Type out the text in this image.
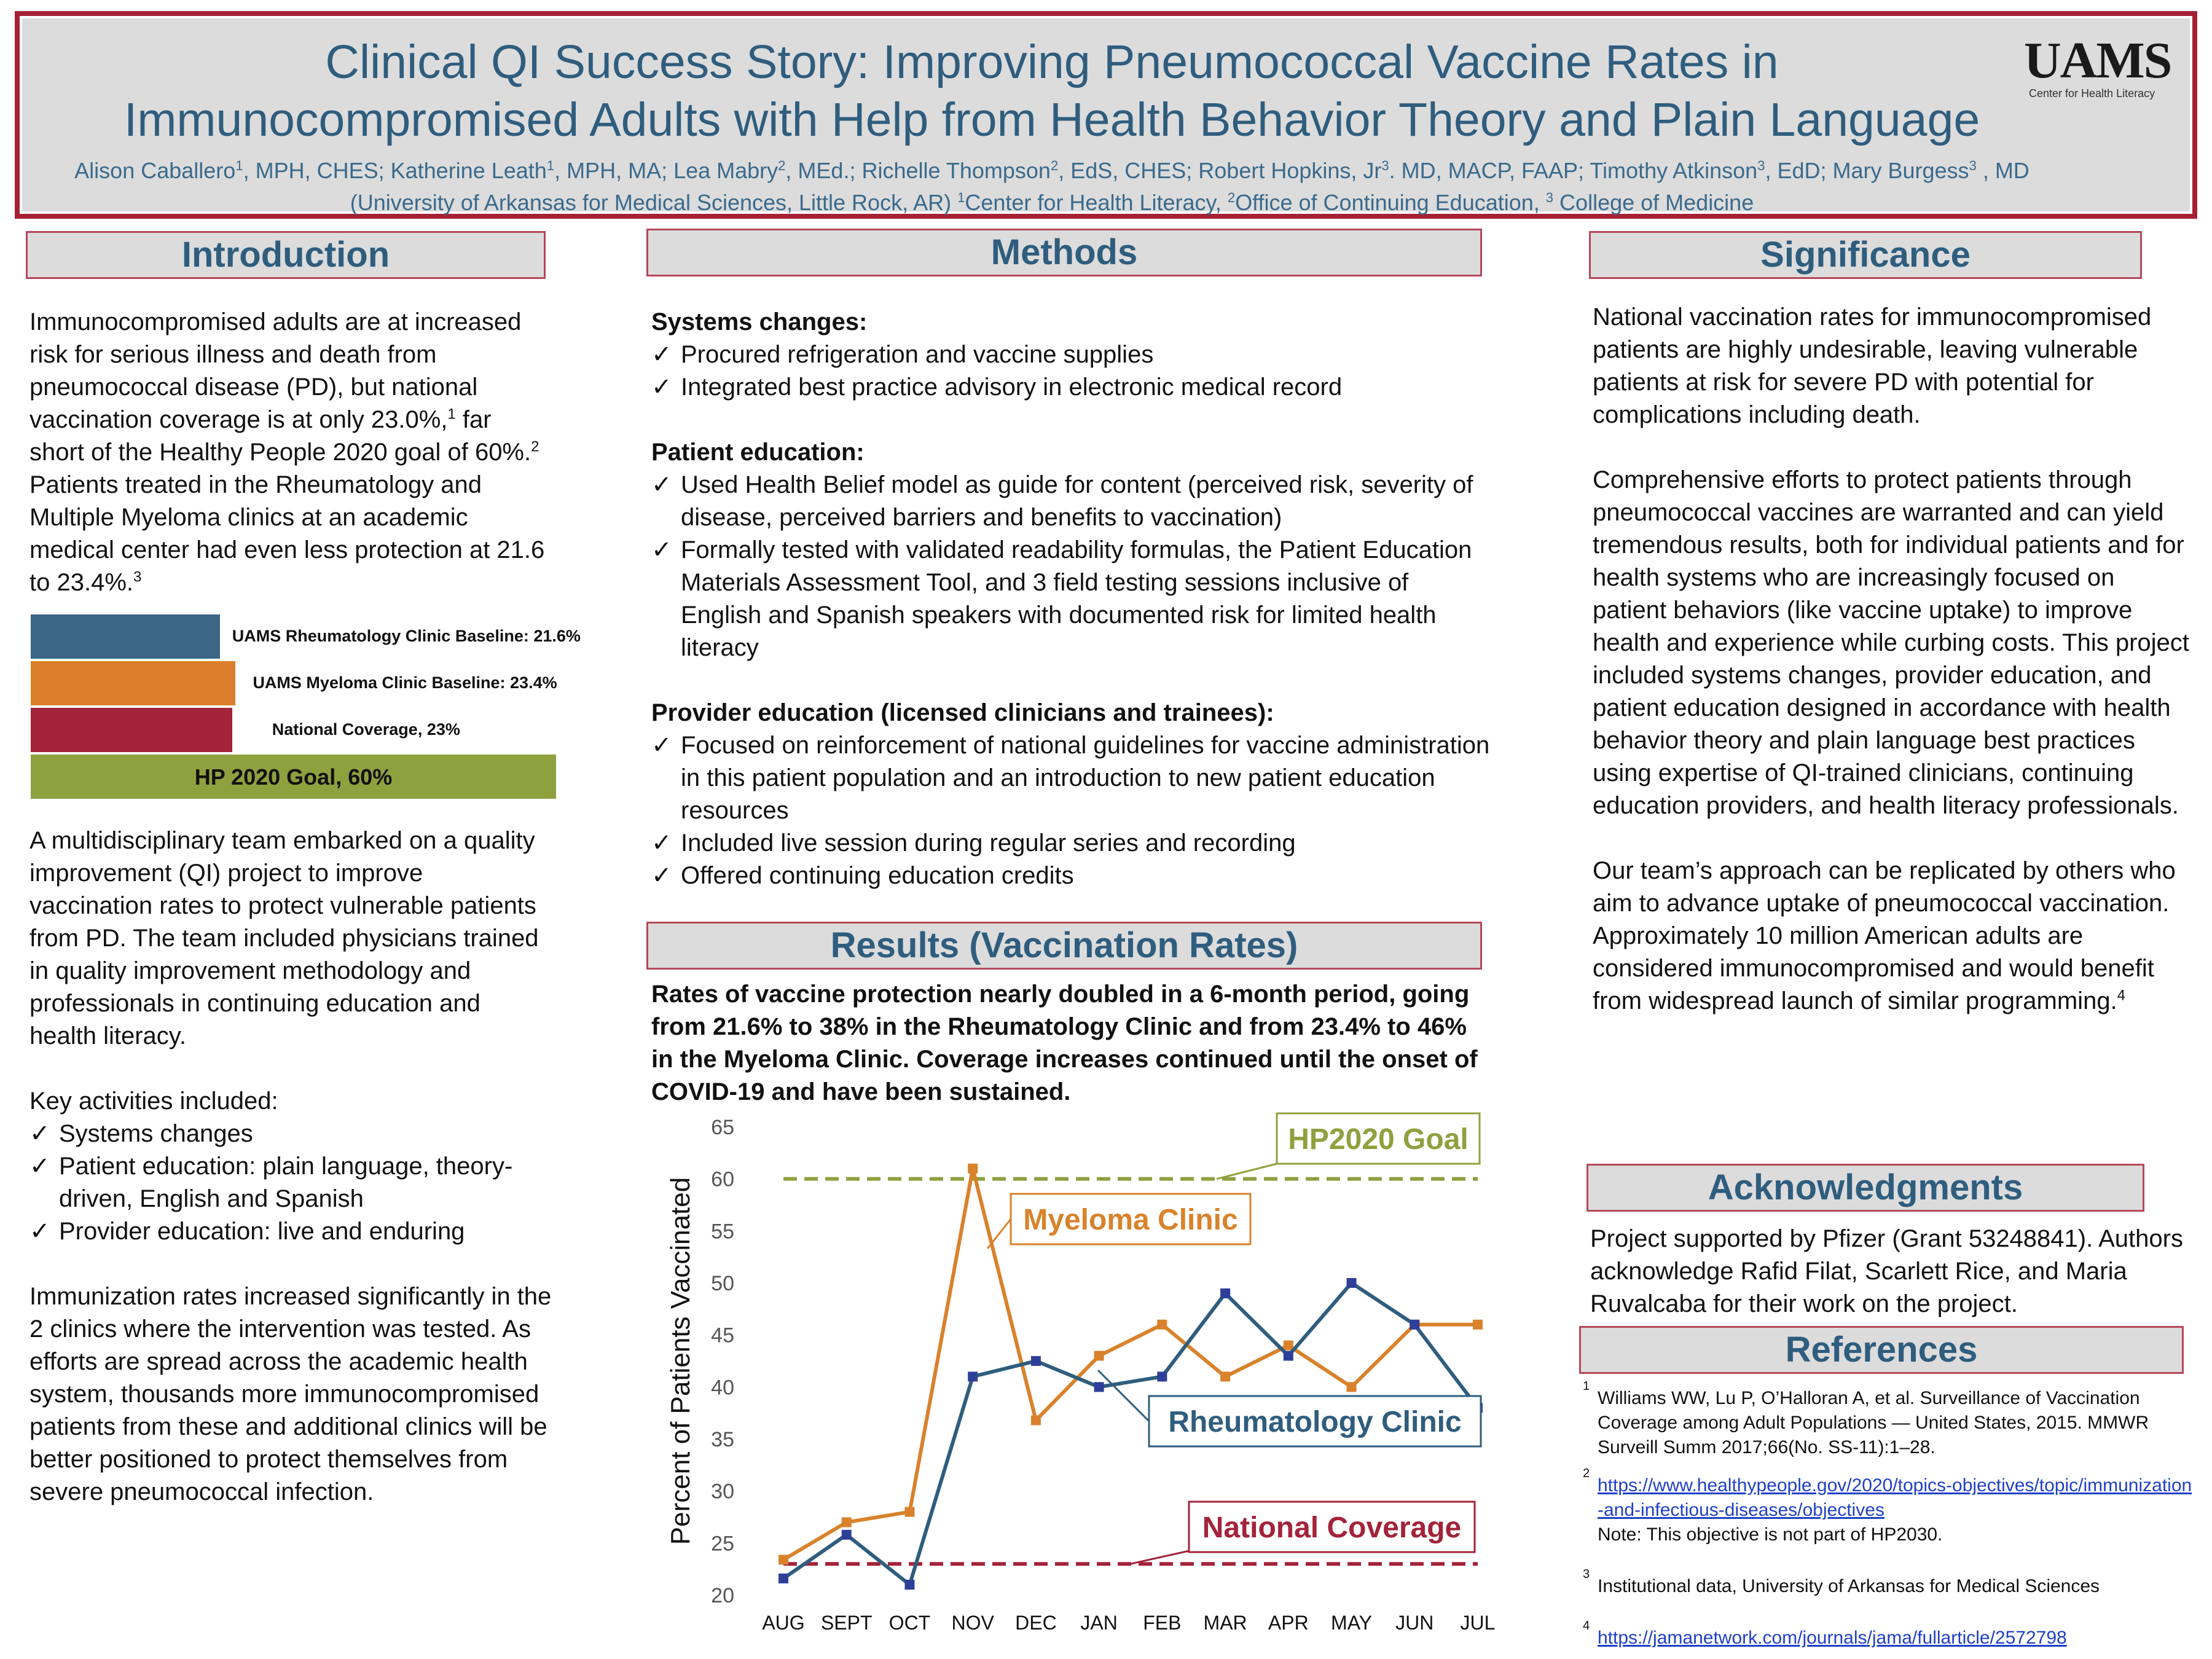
Clinical QI Success Story: Improving Pneumococcal Vaccine Rates in
Immunocompromised Adults with Help from Health Behavior Theory and Plain Language
Alison Caballero$^1$, MPH, CHES; Katherine Leath$^1$, MPH, MA; Lea Mabry$^2$, MEd.; Richelle Thompson$^2$, EdS, CHES; Robert Hopkins, Jr$^3$. MD, MACP, FAAP; Timothy Atkinson$^3$, EdD; Mary Burgess$^3$ , MD
(University of Arkansas for Medical Sciences, Little Rock, AR) $^1$Center for Health Literacy, $^2$Office of Continuing Education, $^3$ College of Medicine
UAMS
Center for Health Literacy
Introduction
Immunocompromised adults are at increased risk for serious illness and death from pneumococcal disease (PD), but national vaccination coverage is at only 23.0%,$^1$ far short of the Healthy People 2020 goal of 60%.$^2$ Patients treated in the Rheumatology and Multiple Myeloma clinics at an academic medical center had even less protection at 21.6 to 23.4%.$^3$
UAMS Rheumatology Clinic Baseline: 21.6%
UAMS Myeloma Clinic Baseline: 23.4%
National Coverage, 23%
HP 2020 Goal, 60%

A multidisciplinary team embarked on a quality improvement (QI) project to improve vaccination rates to protect vulnerable patients from PD. The team included physicians trained in quality improvement methodology and professionals in continuing education and health literacy.

Key activities included:
✓ Systems changes
✓ Patient education: plain language, theory-driven, English and Spanish
✓ Provider education: live and enduring

Immunization rates increased significantly in the 2 clinics where the intervention was tested. As efforts are spread across the academic health system, thousands more immunocompromised patients from these and additional clinics will be better positioned to protect themselves from severe pneumococcal infection.

Methods
Systems changes:
✓ Procured refrigeration and vaccine supplies
✓ Integrated best practice advisory in electronic medical record
Patient education:
✓ Used Health Belief model as guide for content (perceived risk, severity of disease, perceived barriers and benefits to vaccination)
✓ Formally tested with validated readability formulas, the Patient Education Materials Assessment Tool, and 3 field testing sessions inclusive of English and Spanish speakers with documented risk for limited health literacy
Provider education (licensed clinicians and trainees):
✓ Focused on reinforcement of national guidelines for vaccine administration in this patient population and an introduction to new patient education resources
✓ Included live session during regular series and recording
✓ Offered continuing education credits
Results (Vaccination Rates)
Rates of vaccine protection nearly doubled in a 6-month period, going from 21.6% to 38% in the Rheumatology Clinic and from 23.4% to 46% in the Myeloma Clinic. Coverage increases continued until the onset of COVID-19 and have been sustained.
20
25
30
35
40
45
50
55
60
65
AUG SEPT OCT NOV DEC JAN FEB MAR APR MAY JUN JUL
Percent of Patients Vaccinated
HP2020 Goal
National Coverage
Myeloma Clinic
Rheumatology Clinic
Significance

National vaccination rates for immunocompromised patients are highly undesirable, leaving vulnerable patients at risk for severe PD with potential for complications including death.

Comprehensive efforts to protect patients through pneumococcal vaccines are warranted and can yield tremendous results, both for individual patients and for health systems who are increasingly focused on patient behaviors (like vaccine uptake) to improve health and experience while curbing costs. This project included systems changes, provider education, and patient education designed in accordance with health behavior theory and plain language best practices using expertise of QI-trained clinicians, continuing education providers, and health literacy professionals.

Our team’s approach can be replicated by others who aim to advance uptake of pneumococcal vaccination. Approximately 10 million American adults are considered immunocompromised and would benefit from widespread launch of similar programming.$^4$

Acknowledgments
Project supported by Pfizer (Grant 53248841). Authors acknowledge Rafid Filat, Scarlett Rice, and Maria Ruvalcaba for their work on the project.
References
1
Williams WW, Lu P, O’Halloran A, et al. Surveillance of Vaccination Coverage among Adult Populations — United States, 2015. MMWR Surveill Summ 2017;66(No. SS-11):1–28.
2
https://www.healthypeople.gov/2020/topics-objectives/topic/immunization-and-infectious-diseases/objectives
Note: This objective is not part of HP2030.
3
Institutional data, University of Arkansas for Medical Sciences
4
https://jamanetwork.com/journals/jama/fullarticle/2572798
